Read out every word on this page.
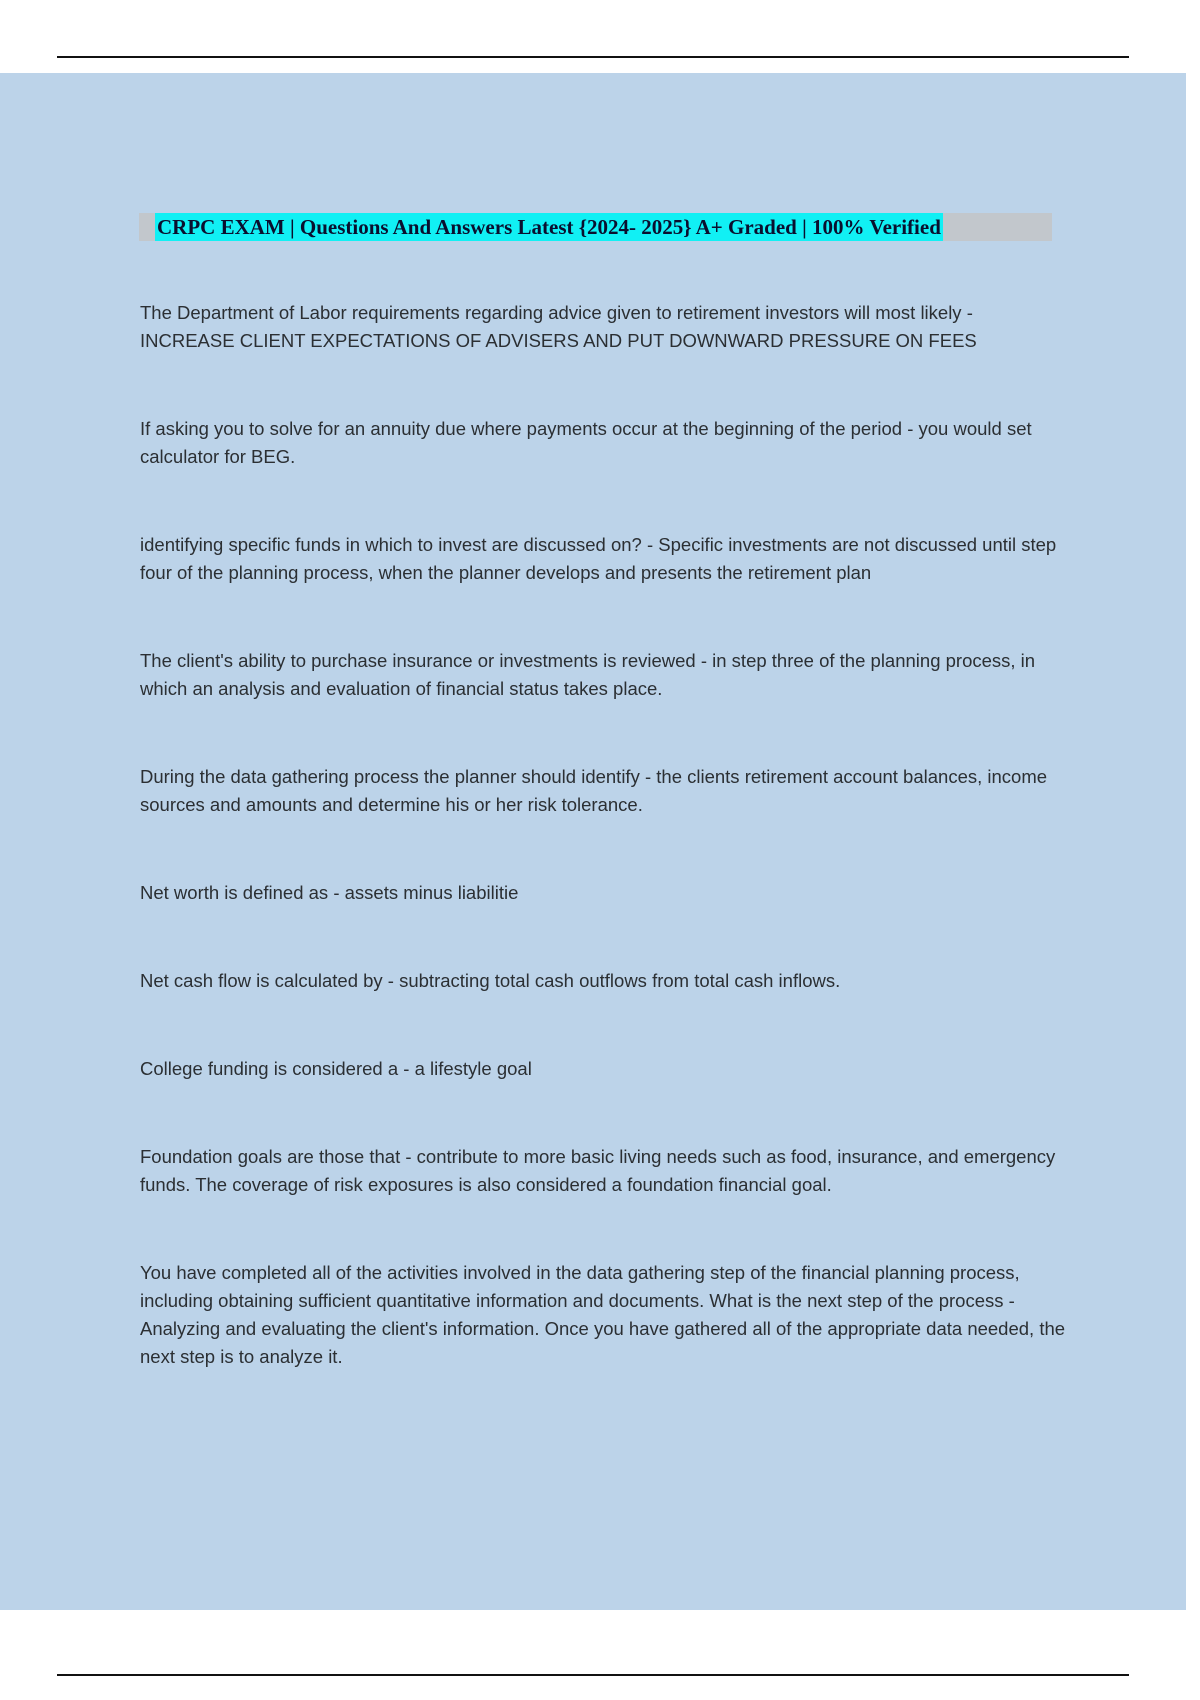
CRPC EXAM | Questions And Answers Latest {2024- 2025} A+ Graded | 100% Verified

The Department of Labor requirements regarding advice given to retirement investors will most likely - INCREASE CLIENT EXPECTATIONS OF ADVISERS AND PUT DOWNWARD PRESSURE ON FEES

If asking you to solve for an annuity due where payments occur at the beginning of the period - you would set calculator for BEG.

identifying specific funds in which to invest are discussed on? - Specific investments are not discussed until step four of the planning process, when the planner develops and presents the retirement plan

The client's ability to purchase insurance or investments is reviewed - in step three of the planning process, in which an analysis and evaluation of financial status takes place.

During the data gathering process the planner should identify - the clients retirement account balances, income sources and amounts and determine his or her risk tolerance.

Net worth is defined as - assets minus liabilitie

Net cash flow is calculated by - subtracting total cash outflows from total cash inflows.

College funding is considered a - a lifestyle goal

Foundation goals are those that - contribute to more basic living needs such as food, insurance, and emergency funds. The coverage of risk exposures is also considered a foundation financial goal.

You have completed all of the activities involved in the data gathering step of the financial planning process, including obtaining sufficient quantitative information and documents. What is the next step of the process - Analyzing and evaluating the client's information. Once you have gathered all of the appropriate data needed, the next step is to analyze it.
